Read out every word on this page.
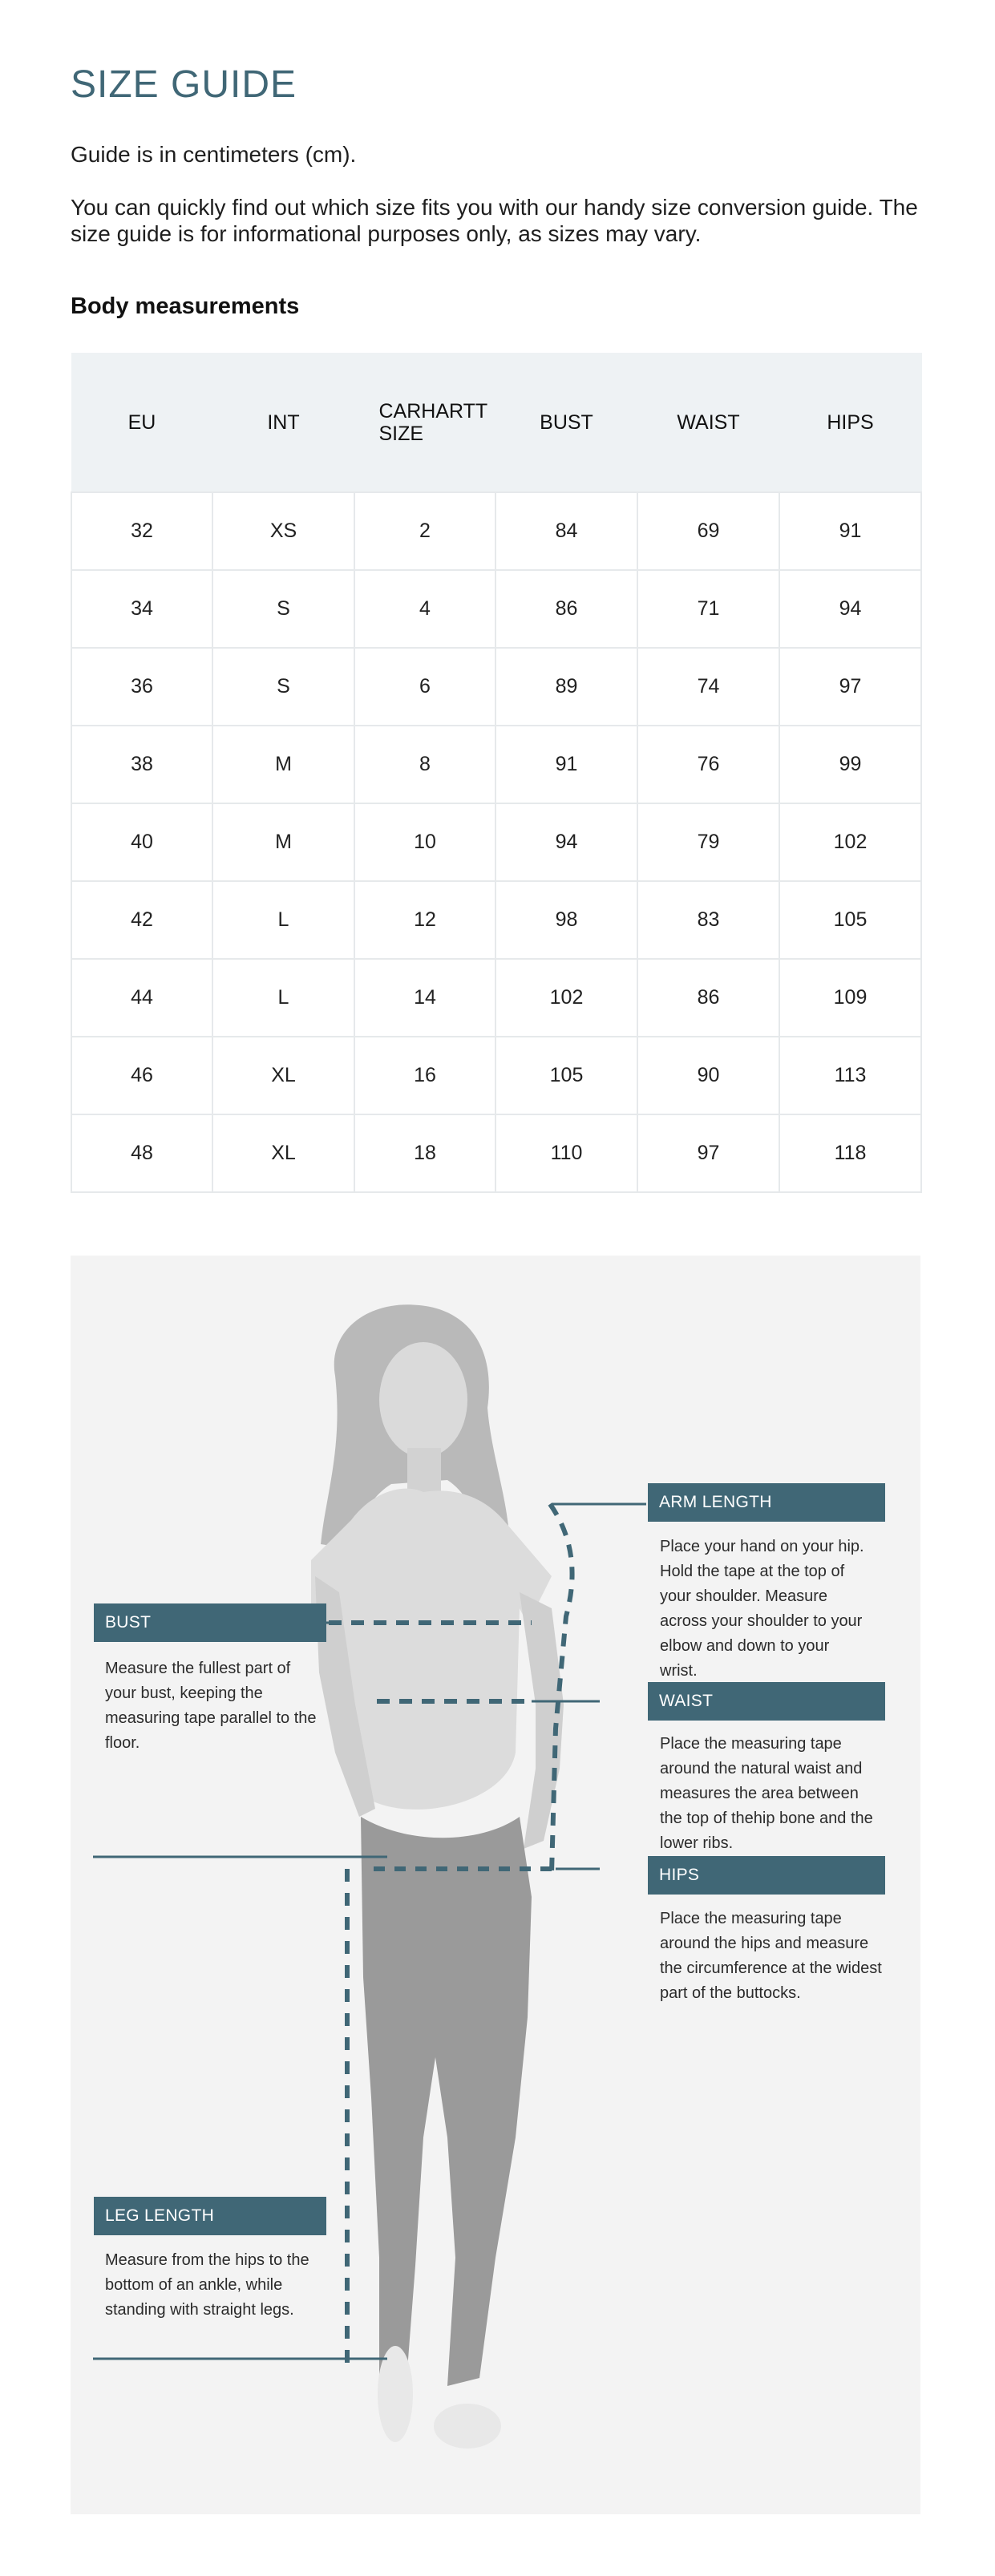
SIZE GUIDE
Guide is in centimeters (cm).
You can quickly find out which size fits you with our handy size conversion guide. The size guide is for informational purposes only, as sizes may vary.
Body measurements
EU	INT	CARHARTT SIZE	BUST	WAIST	HIPS
32	XS	2	84	69	91
34	S	4	86	71	94
36	S	6	89	74	97
38	M	8	91	76	99
40	M	10	94	79	102
42	L	12	98	83	105
44	L	14	102	86	109
46	XL	16	105	90	113
48	XL	18	110	97	118
ARM LENGTH
Place your hand on your hip. Hold the tape at the top of your shoulder. Measure across your shoulder to your elbow and down to your wrist.
BUST
Measure the fullest part of your bust, keeping the measuring tape parallel to the floor.
WAIST
Place the measuring tape around the natural waist and measures the area between the top of thehip bone and the lower ribs.
HIPS
Place the measuring tape around the hips and measure the circumference at the widest part of the buttocks.
LEG LENGTH
Measure from the hips to the bottom of an ankle, while standing with straight legs.
